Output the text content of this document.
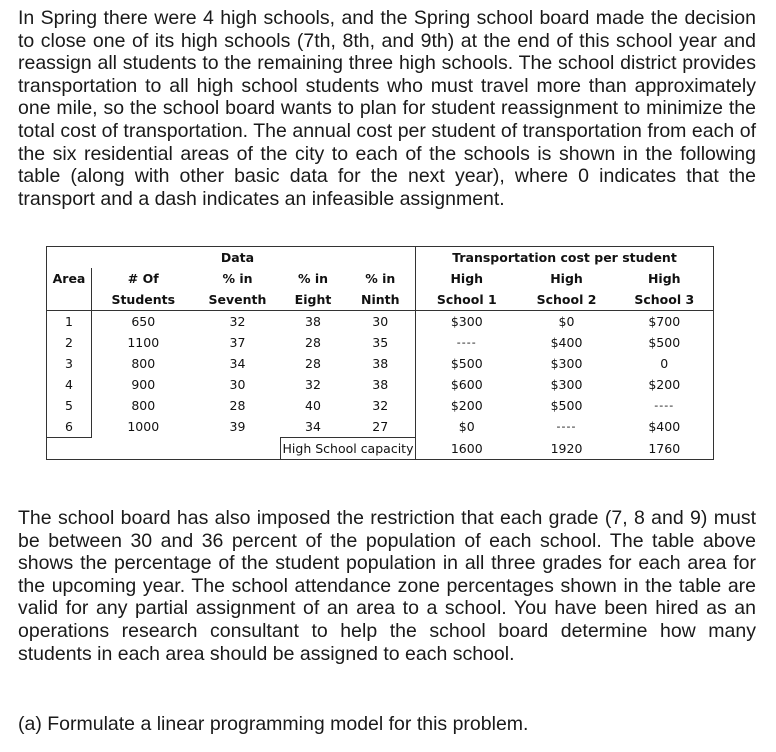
In Spring there were 4 high schools, and the Spring school board made the decision to close one of its high schools (7th, 8th, and 9th) at the end of this school year and reassign all students to the remaining three high schools. The school district provides transportation to all high school students who must travel more than approximately one mile, so the school board wants to plan for student reassignment to minimize the total cost of transportation. The annual cost per student of transportation from each of the six residential areas of the city to each of the schools is shown in the following table (along with other basic data for the next year), where 0 indicates that the transport and a dash indicates an infeasible assignment.

		Data			Transportation cost per student		
Area	# Of	% in	% in	% in	High	High	High
	Students	Seventh	Eight	Ninth	School 1	School 2	School 3
1	650	32	38	30	$300	$0	$700
2	1100	37	28	35	----	$400	$500
3	800	34	28	38	$500	$300	0
4	900	30	32	38	$600	$300	$200
5	800	28	40	32	$200	$500	----
6	1000	39	34	27	$0	----	$400
			High School capacity		1600	1920	1760

The school board has also imposed the restriction that each grade (7, 8 and 9) must be between 30 and 36 percent of the population of each school. The table above shows the percentage of the student population in all three grades for each area for the upcoming year. The school attendance zone percentages shown in the table are valid for any partial assignment of an area to a school. You have been hired as an operations research consultant to help the school board determine how many students in each area should be assigned to each school.

(a) Formulate a linear programming model for this problem.
